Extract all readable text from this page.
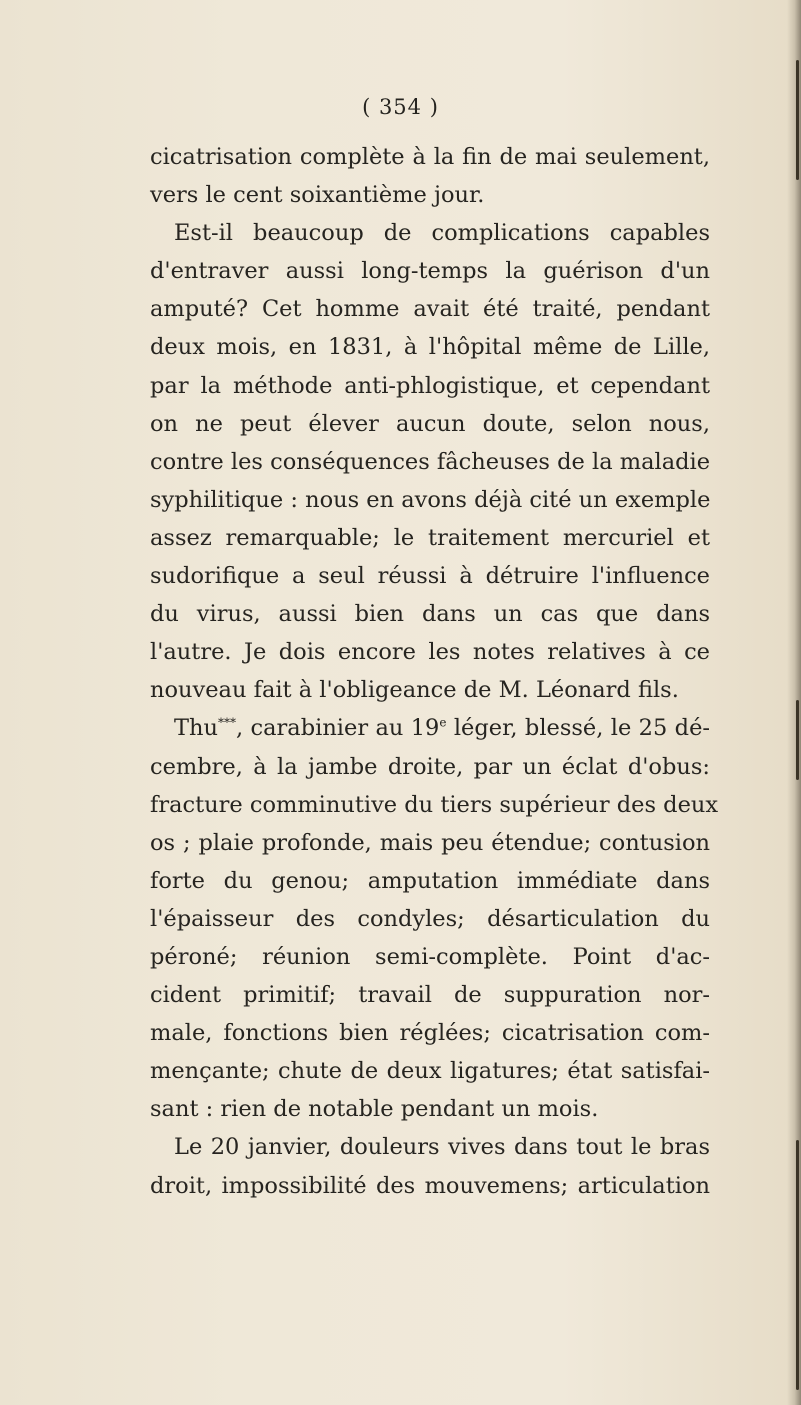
( 354 )
cicatrisation complète à la fin de mai seulement,
vers le cent soixantième jour.
Est-il beaucoup de complications capables
d'entraver aussi long-temps la guérison d'un
amputé? Cet homme avait été traité, pendant
deux mois, en 1831, à l'hôpital même de Lille,
par la méthode anti-phlogistique, et cependant
on ne peut élever aucun doute, selon nous,
contre les conséquences fâcheuses de la maladie
syphilitique : nous en avons déjà cité un exemple
assez remarquable; le traitement mercuriel et
sudorifique a seul réussi à détruire l'influence
du virus, aussi bien dans un cas que dans
l'autre. Je dois encore les notes relatives à ce
nouveau fait à l'obligeance de M. Léonard fils.
Thu***, carabinier au 19e léger, blessé, le 25 dé-
cembre, à la jambe droite, par un éclat d'obus:
fracture comminutive du tiers supérieur des deux
os ; plaie profonde, mais peu étendue; contusion
forte du genou; amputation immédiate dans
l'épaisseur des condyles; désarticulation du
péroné; réunion semi-complète. Point d'ac-
cident primitif; travail de suppuration nor-
male, fonctions bien réglées; cicatrisation com-
mençante; chute de deux ligatures; état satisfai-
sant : rien de notable pendant un mois.
Le 20 janvier, douleurs vives dans tout le bras
droit, impossibilité des mouvemens; articulation
